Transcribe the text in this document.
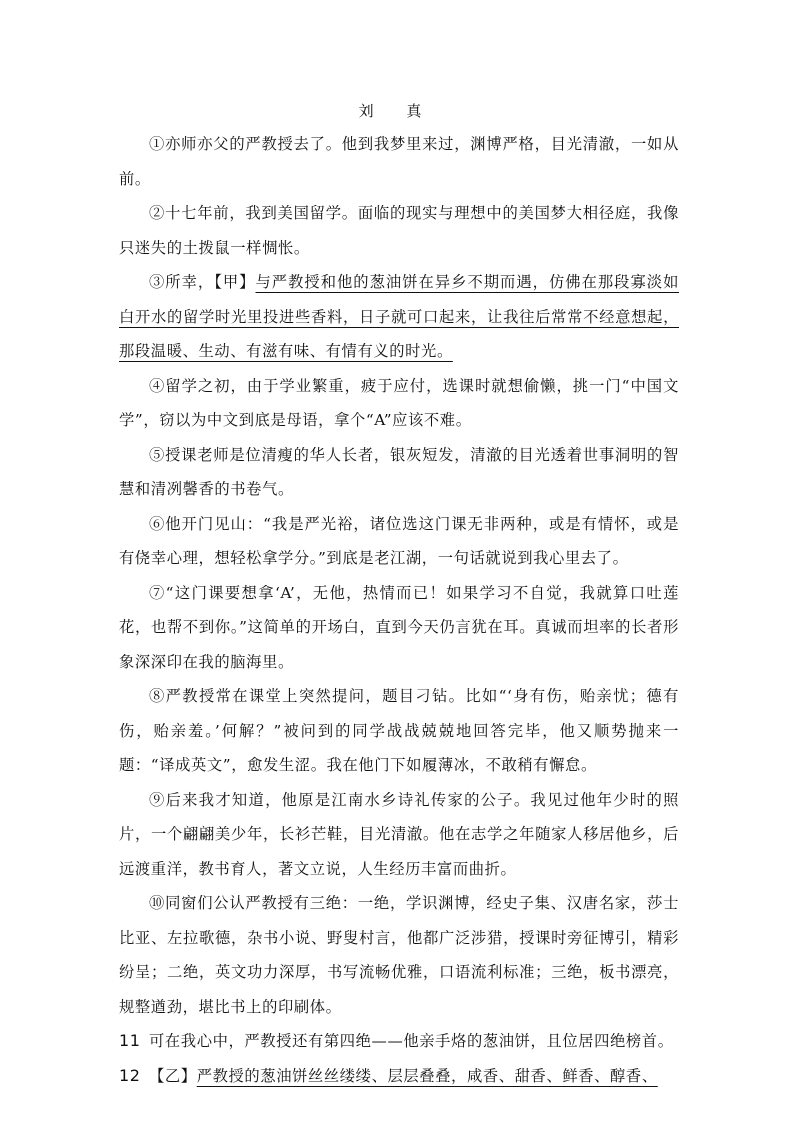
刘 真

①亦师亦父的严教授去了。他到我梦里来过，渊博严格，目光清澈，一如从前。

②十七年前，我到美国留学。面临的现实与理想中的美国梦大相径庭，我像只迷失的土拨鼠一样惆怅。

③所幸，【甲】与严教授和他的葱油饼在异乡不期而遇，仿佛在那段寡淡如白开水的留学时光里投进些香料，日子就可口起来，让我往后常常不经意想起，那段温暖、生动、有滋有味、有情有义的时光。

④留学之初，由于学业繁重，疲于应付，选课时就想偷懒，挑一门“中国文学”，窃以为中文到底是母语，拿个“A”应该不难。

⑤授课老师是位清瘦的华人长者，银灰短发，清澈的目光透着世事洞明的智慧和清冽馨香的书卷气。

⑥他开门见山：“我是严光裕，诸位选这门课无非两种，或是有情怀，或是有侥幸心理，想轻松拿学分。”到底是老江湖，一句话就说到我心里去了。

⑦“这门课要想拿‘A’，无他，热情而已！如果学习不自觉，我就算口吐莲花，也帮不到你。”这简单的开场白，直到今天仍言犹在耳。真诚而坦率的长者形象深深印在我的脑海里。

⑧严教授常在课堂上突然提问，题目刁钻。比如“‘身有伤，贻亲忧；德有伤，贻亲羞。’何解？”被问到的同学战战兢兢地回答完毕，他又顺势抛来一题：“译成英文”，愈发生涩。我在他门下如履薄冰，不敢稍有懈怠。

⑨后来我才知道，他原是江南水乡诗礼传家的公子。我见过他年少时的照片，一个翩翩美少年，长衫芒鞋，目光清澈。他在志学之年随家人移居他乡，后远渡重洋，教书育人，著文立说，人生经历丰富而曲折。

⑩同窗们公认严教授有三绝：一绝，学识渊博，经史子集、汉唐名家，莎士比亚、左拉歌德，杂书小说、野叟村言，他都广泛涉猎，授课时旁征博引，精彩纷呈；二绝，英文功力深厚，书写流畅优雅，口语流利标准；三绝，板书漂亮，规整遒劲，堪比书上的印刷体。

11 可在我心中，严教授还有第四绝——他亲手烙的葱油饼，且位居四绝榜首。

12 【乙】严教授的葱油饼丝丝缕缕、层层叠叠，咸香、甜香、鲜香、醇香、
